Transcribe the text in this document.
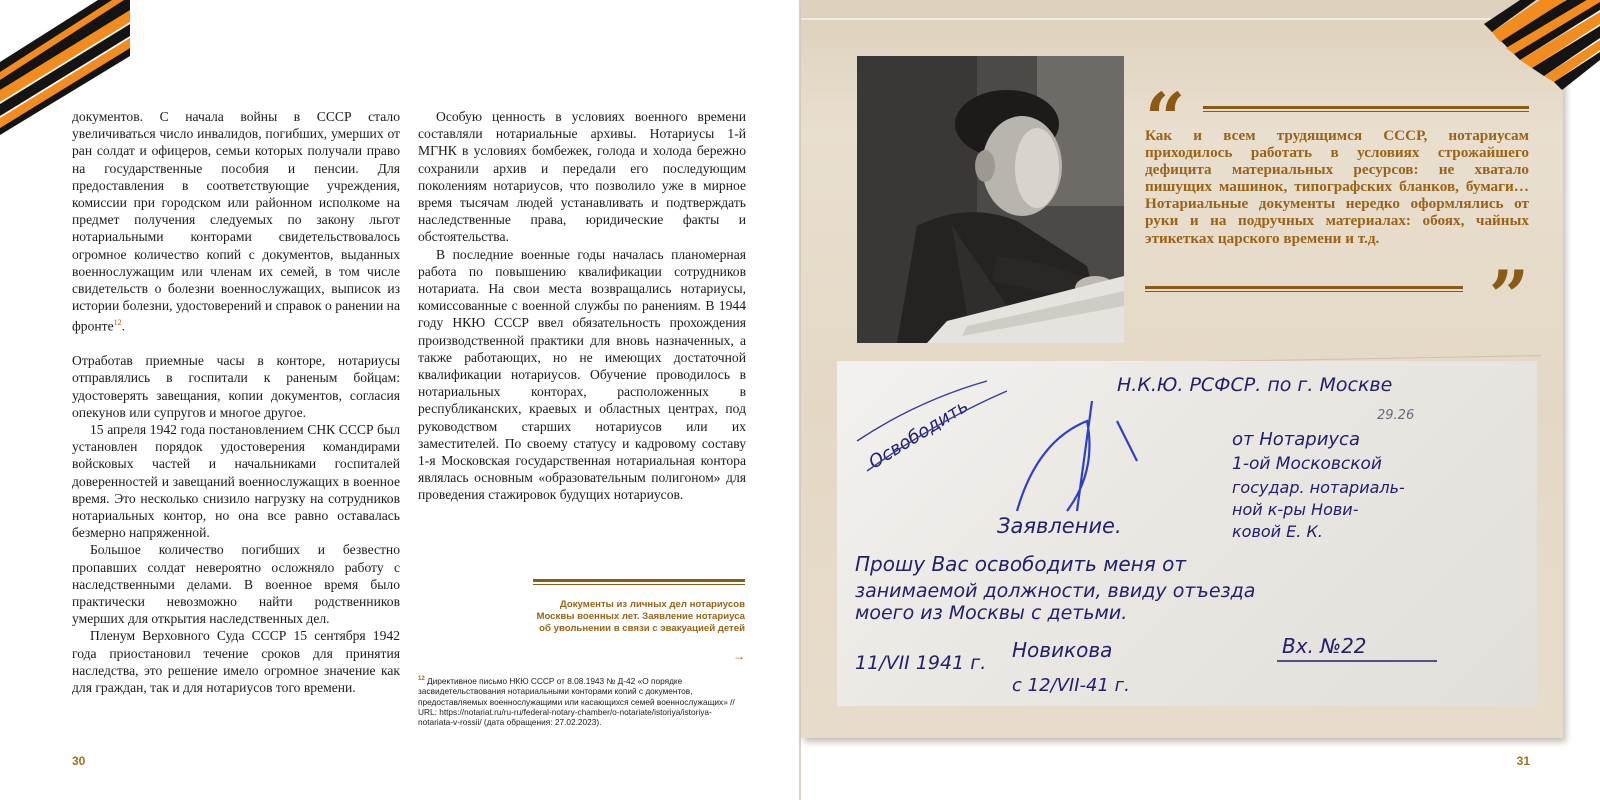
документов. С начала войны в СССР стало увеличиваться число инвалидов, погибших, умерших от ран солдат и офицеров, семьи которых получали право на государственные пособия и пенсии. Для предоставления в соответствующие учреждения, комиссии при городском или районном исполкоме на предмет получения следуемых по закону льгот нотариальными конторами свидетельствовалось огромное количество копий с документов, выданных военнослужащим или членам их семей, в том числе свидетельств о болезни военнослужащих, выписок из истории болезни, удостоверений и справок о ранении на фронте$^{12}$.

Отработав приемные часы в конторе, нотариусы отправлялись в госпитали к раненым бойцам: удостоверять завещания, копии документов, согласия опекунов или супругов и многое другое.

15 апреля 1942 года постановлением СНК СССР был установлен порядок удостоверения командирами войсковых частей и начальниками госпиталей доверенностей и завещаний военнослужащих в военное время. Это несколько снизило нагрузку на сотрудников нотариальных контор, но она все равно оставалась безмерно напряженной.

Большое количество погибших и безвестно пропавших солдат невероятно осложняло работу с наследственными делами. В военное время было практически невозможно найти родственников умерших для открытия наследственных дел.

Пленум Верховного Суда СССР 15 сентября 1942 года приостановил течение сроков для принятия наследства, это решение имело огромное значение как для граждан, так и для нотариусов того времени.

Особую ценность в условиях военного времени составляли нотариальные архивы. Нотариусы 1-й МГНК в условиях бомбежек, голода и холода бережно сохранили архив и передали его последующим поколениям нотариусов, что позволило уже в мирное время тысячам людей устанавливать и подтверждать наследственные права, юридические факты и обстоятельства.

В последние военные годы началась планомерная работа по повышению квалификации сотрудников нотариата. На свои места возвращались нотариусы, комиссованные с военной службы по ранениям. В 1944 году НКЮ СССР ввел обязательность прохождения производственной практики для вновь назначенных, а также работающих, но не имеющих достаточной квалификации нотариусов. Обучение проводилось в нотариальных конторах, расположенных в республиканских, краевых и областных центрах, под руководством старших нотариусов или их заместителей. По своему статусу и кадровому составу 1-я Московская государственная нотариальная контора являлась основным «образовательным полигоном» для проведения стажировок будущих нотариусов.

Документы из личных дел нотариусов Москвы военных лет. Заявление нотариуса об увольнении в связи с эвакуацией детей
→
$^{12}$ Директивное письмо НКЮ СССР от 8.08.1943 № Д-42 «О порядке засвидетельствования нотариальными конторами копий с документов, предоставляемых военнослужащими или касающихся семей военнослужащих» // URL: https://notariat.ru/ru-ru/federal-notary-chamber/o-notariate/istoriya/istoriya-notariata-v-rossii/ (дата обращения: 27.02.2023).
30
“
Как и всем трудящимся СССР, нотариусам приходилось работать в условиях строжайшего дефицита материальных ресурсов: не хватало пишущих машинок, типографских бланков, бумаги… Нотариальные документы нередко оформлялись от руки и на подручных материалах: обоях, чайных этикетках царского времени и т.д.
”
Н.К.Ю. РСФСР. по г. Москве
29.26
от Нотариуса
1-ой Московской
государ. нотариаль-
ной к-ры Нови-
ковой Е. К.
Освободить
Заявление.
Прошу Вас освободить меня от
занимаемой должности, ввиду отъезда
моего из Москвы с детьми.
11/VII 1941 г.
Новикова	Вх. №22
с 12/VII-41 г.
31
